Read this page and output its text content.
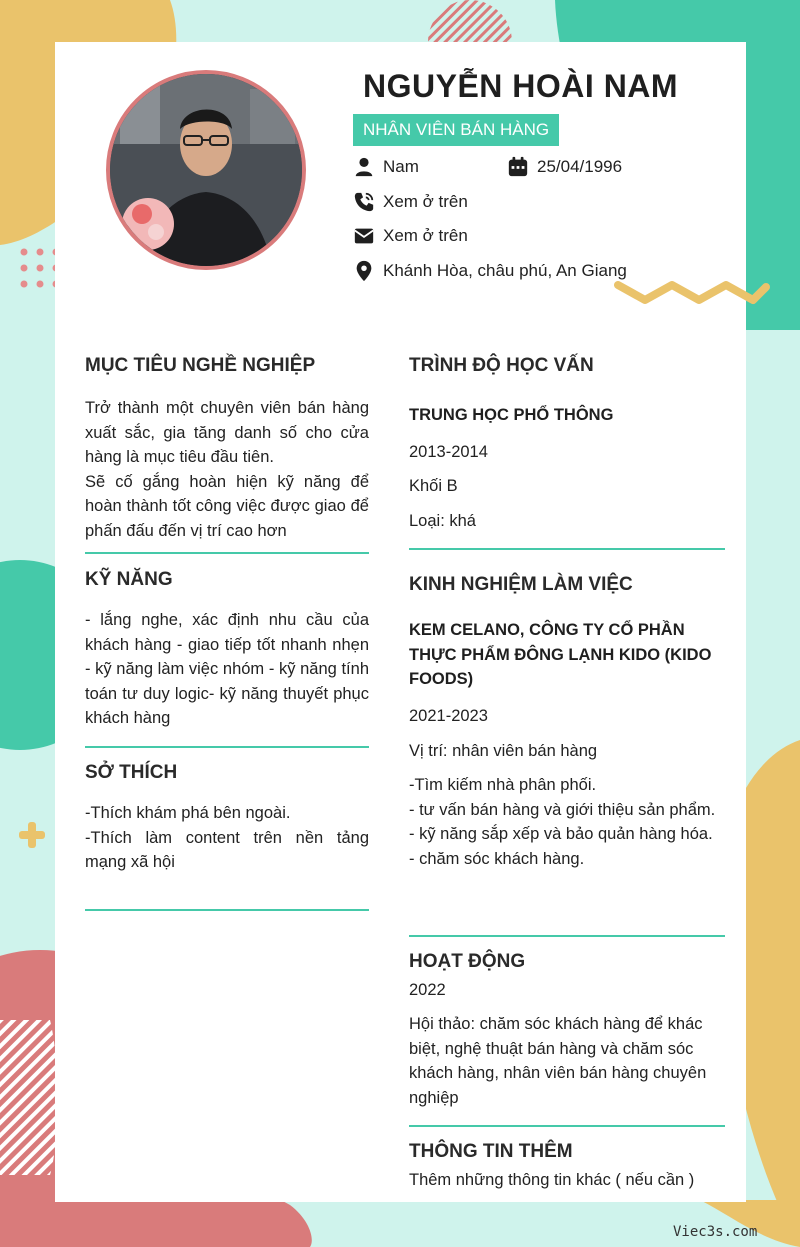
NGUYỄN HOÀI NAM
NHÂN VIÊN BÁN HÀNG
Nam	25/04/1996
Xem ở trên
Xem ở trên
Khánh Hòa, châu phú, An Giang
MỤC TIÊU NGHỀ NGHIỆP
Trở thành một chuyên viên bán hàng xuất sắc, gia tăng danh số cho cửa hàng là mục tiêu đầu tiên.
Sẽ cố gắng hoàn hiện kỹ năng để hoàn thành tốt công việc được giao để phấn đấu đến vị trí cao hơn
KỸ NĂNG
- lắng nghe, xác định nhu cầu của khách hàng - giao tiếp tốt nhanh nhẹn - kỹ năng làm việc nhóm - kỹ năng tính toán tư duy logic- kỹ năng thuyết phục khách hàng
SỞ THÍCH
-Thích khám phá bên ngoài.
-Thích làm content trên nền tảng mạng xã hội
TRÌNH ĐỘ HỌC VẤN
TRUNG HỌC PHỔ THÔNG
2013-2014
Khối B
Loại: khá
KINH NGHIỆM LÀM VIỆC
KEM CELANO, CÔNG TY CỔ PHẦN THỰC PHẨM ĐÔNG LẠNH KIDO (KIDO FOODS)
2021-2023
Vị trí: nhân viên bán hàng
-Tìm kiếm nhà phân phối.
- tư vấn bán hàng và giới thiệu sản phẩm.
- kỹ năng sắp xếp và bảo quản hàng hóa.
- chăm sóc khách hàng.
HOẠT ĐỘNG
2022
Hội thảo: chăm sóc khách hàng để khác biệt, nghệ thuật bán hàng và chăm sóc khách hàng, nhân viên bán hàng chuyên nghiệp
THÔNG TIN THÊM
Thêm những thông tin khác ( nếu cần )
Viec3s.com
